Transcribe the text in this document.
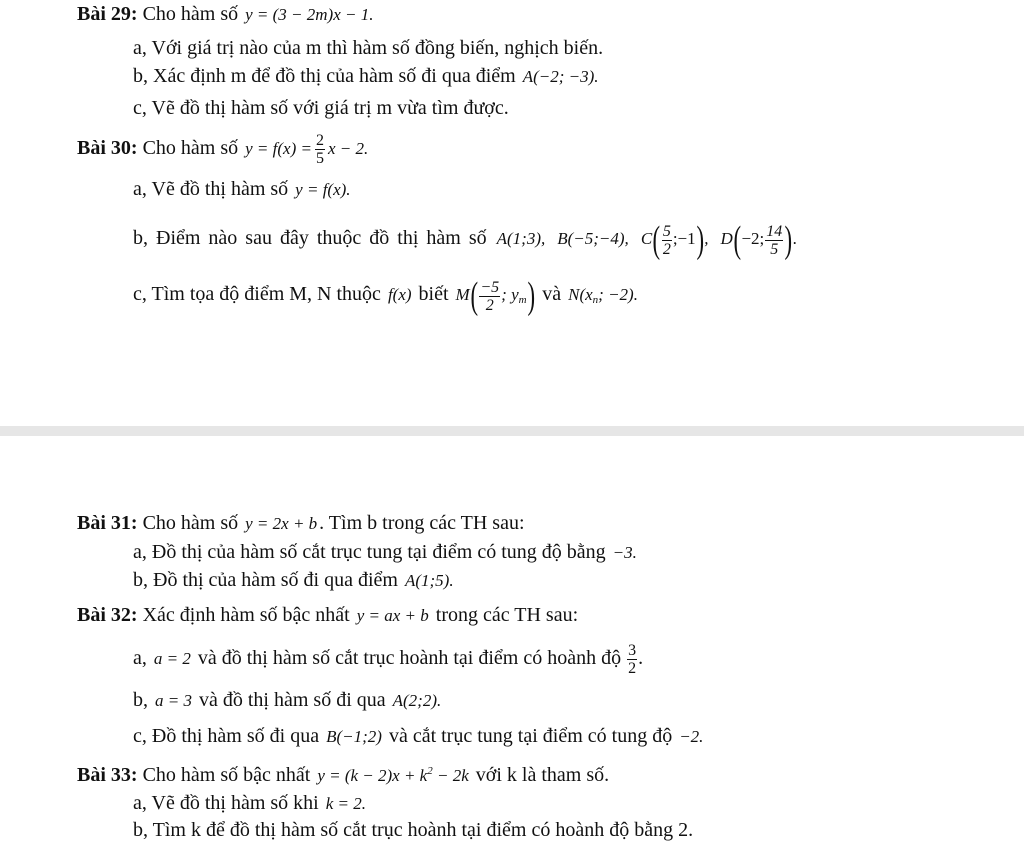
Bài 29: Cho hàm số y = (3 − 2m)x − 1.
a, Với giá trị nào của m thì hàm số đồng biến, nghịch biến.
b, Xác định m để đồ thị của hàm số đi qua điểm A(−2; −3).
c, Vẽ đồ thị hàm số với giá trị m vừa tìm được.
Bài 30: Cho hàm số $y = f(x) = \frac{2}{5}$ x − 2.
a, Vẽ đồ thị hàm số y = f(x).
b, Điểm nào sau đây thuộc đồ thị hàm số A(1;3), B(−5;−4), $C( \frac{5}{2}$ ;−1), D(−2; $\frac{14}{5}$ ).
c, Tìm tọa độ điểm M, N thuộc f(x) biết $M( \frac{-5}{2}$ ; ym) và N(xn; −2).
Bài 31: Cho hàm số y = 2x + b . Tìm b trong các TH sau:
a, Đồ thị của hàm số cắt trục tung tại điểm có tung độ bằng −3.
b, Đồ thị của hàm số đi qua điểm A(1;5).
Bài 32: Xác định hàm số bậc nhất y = ax + b trong các TH sau:
a, a = 2 và đồ thị hàm số cắt trục hoành tại điểm có hoành độ $\frac{3}{2}$ .
b, a = 3 và đồ thị hàm số đi qua A(2;2).
c, Đồ thị hàm số đi qua B(−1;2) và cắt trục tung tại điểm có tung độ −2.
Bài 33: Cho hàm số bậc nhất $y = (k - 2)x + k^2 - 2k$ với k là tham số.
a, Vẽ đồ thị hàm số khi k = 2.
b, Tìm k để đồ thị hàm số cắt trục hoành tại điểm có hoành độ bằng 2.
